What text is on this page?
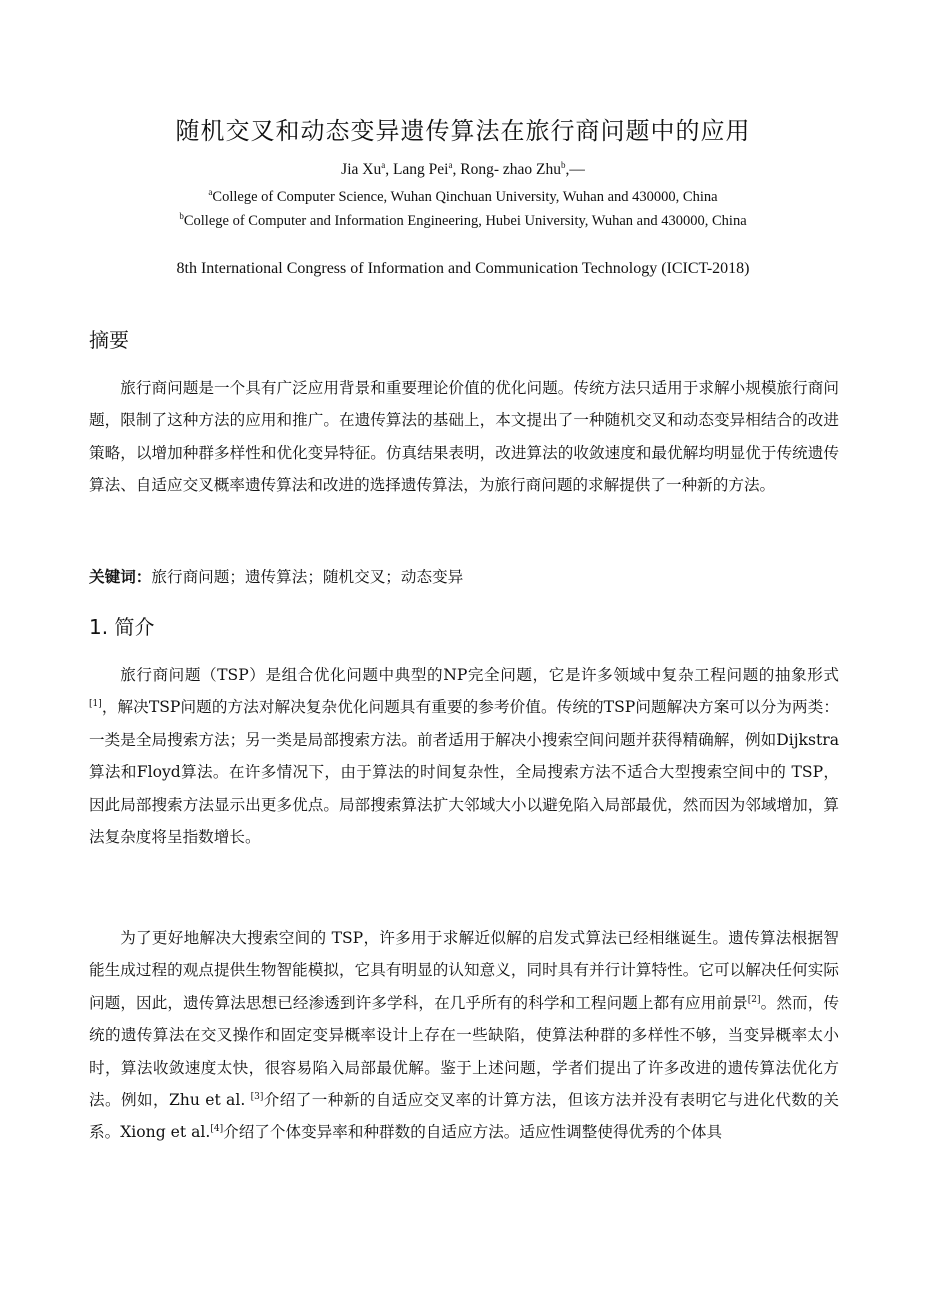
随机交叉和动态变异遗传算法在旅行商问题中的应用
Jia Xu$^a$, Lang Pei$^a$, Rong- zhao Zhu$^b$,—
$^a$College of Computer Science, Wuhan Qinchuan University, Wuhan and 430000, China
$^b$College of Computer and Information Engineering, Hubei University, Wuhan and 430000, China
8th International Congress of Information and Communication Technology (ICICT-2018)
摘要
旅行商问题是一个具有广泛应用背景和重要理论价值的优化问题。传统方法只适用于求解小规模旅行商问题，限制了这种方法的应用和推广。在遗传算法的基础上，本文提出了一种随机交叉和动态变异相结合的改进策略，以增加种群多样性和优化变异特征。仿真结果表明，改进算法的收敛速度和最优解均明显优于传统遗传算法、自适应交叉概率遗传算法和改进的选择遗传算法，为旅行商问题的求解提供了一种新的方法。
关键词：旅行商问题；遗传算法；随机交叉；动态变异
1. 简介
旅行商问题（TSP）是组合优化问题中典型的NP完全问题，它是许多领域中复杂工程问题的抽象形式[1]，解决TSP问题的方法对解决复杂优化问题具有重要的参考价值。传统的TSP问题解决方案可以分为两类：一类是全局搜索方法；另一类是局部搜索方法。前者适用于解决小搜索空间问题并获得精确解，例如Dijkstra算法和Floyd算法。在许多情况下，由于算法的时间复杂性，全局搜索方法不适合大型搜索空间中的 TSP，因此局部搜索方法显示出更多优点。局部搜索算法扩大邻域大小以避免陷入局部最优，然而因为邻域增加，算法复杂度将呈指数增长。
为了更好地解决大搜索空间的 TSP，许多用于求解近似解的启发式算法已经相继诞生。遗传算法根据智能生成过程的观点提供生物智能模拟，它具有明显的认知意义，同时具有并行计算特性。它可以解决任何实际问题，因此，遗传算法思想已经渗透到许多学科，在几乎所有的科学和工程问题上都有应用前景[2]。然而，传统的遗传算法在交叉操作和固定变异概率设计上存在一些缺陷，使算法种群的多样性不够，当变异概率太小时，算法收敛速度太快，很容易陷入局部最优解。鉴于上述问题，学者们提出了许多改进的遗传算法优化方法。例如，Zhu et al. [3]介绍了一种新的自适应交叉率的计算方法，但该方法并没有表明它与进化代数的关系。Xiong et al.[4]介绍了个体变异率和种群数的自适应方法。适应性调整使得优秀的个体具
